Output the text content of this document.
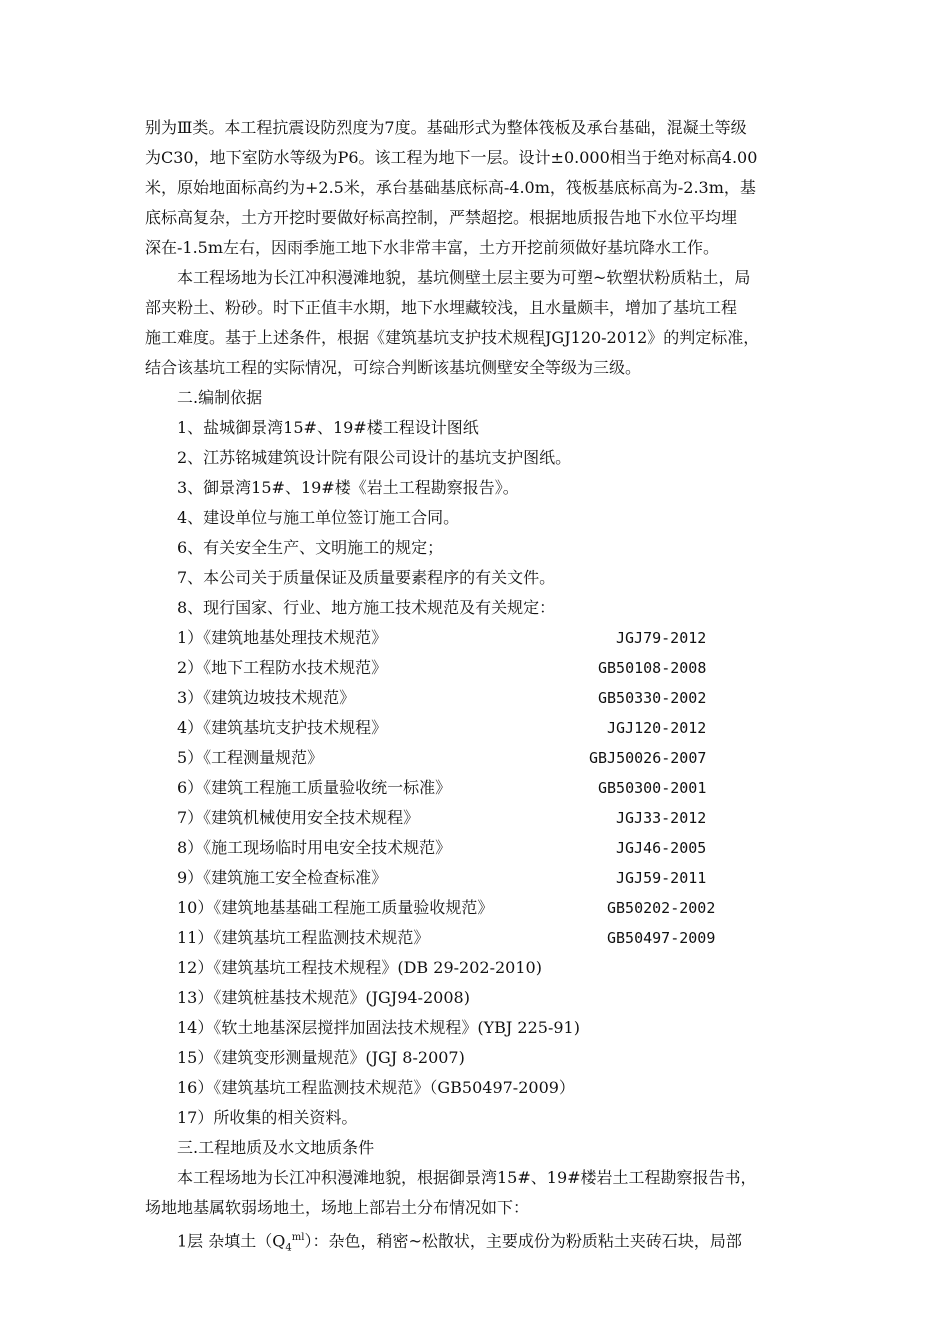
别为Ⅲ类。本工程抗震设防烈度为7度。基础形式为整体筏板及承台基础，混凝土等级
为C30，地下室防水等级为P6。该工程为地下一层。设计±0.000相当于绝对标高4.00
米，原始地面标高约为+2.5米，承台基础基底标高-4.0m，筏板基底标高为-2.3m，基
底标高复杂，土方开挖时要做好标高控制，严禁超挖。根据地质报告地下水位平均埋
深在-1.5m左右，因雨季施工地下水非常丰富，土方开挖前须做好基坑降水工作。
本工程场地为长江冲积漫滩地貌，基坑侧壁土层主要为可塑~软塑状粉质粘土，局
部夹粉土、粉砂。时下正值丰水期，地下水埋藏较浅，且水量颇丰，增加了基坑工程
施工难度。基于上述条件，根据《建筑基坑支护技术规程JGJ120-2012》的判定标准，
结合该基坑工程的实际情况，可综合判断该基坑侧壁安全等级为三级。
二.编制依据
1、盐城御景湾15#、19#楼工程设计图纸
2、江苏铭城建筑设计院有限公司设计的基坑支护图纸。
3、御景湾15#、19#楼《岩土工程勘察报告》。
4、建设单位与施工单位签订施工合同。
6、有关安全生产、文明施工的规定；
7、本公司关于质量保证及质量要素程序的有关文件。
8、现行国家、行业、地方施工技术规范及有关规定：
1）《建筑地基处理技术规范》	JGJ79-2012
2）《地下工程防水技术规范》	GB50108-2008
3）《建筑边坡技术规范》	GB50330-2002
4）《建筑基坑支护技术规程》	JGJ120-2012
5）《工程测量规范》	GBJ50026-2007
6）《建筑工程施工质量验收统一标准》	GB50300-2001
7）《建筑机械使用安全技术规程》	JGJ33-2012
8）《施工现场临时用电安全技术规范》	JGJ46-2005
9）《建筑施工安全检查标准》	JGJ59-2011
10）《建筑地基基础工程施工质量验收规范》	GB50202-2002
11）《建筑基坑工程监测技术规范》	GB50497-2009
12）《建筑基坑工程技术规程》(DB 29-202-2010)
13）《建筑桩基技术规范》(JGJ94-2008)
14）《软土地基深层搅拌加固法技术规程》(YBJ 225-91)
15）《建筑变形测量规范》(JGJ 8-2007)
16）《建筑基坑工程监测技术规范》（GB50497-2009）
17）所收集的相关资料。
三.工程地质及水文地质条件
本工程场地为长江冲积漫滩地貌，根据御景湾15#、19#楼岩土工程勘察报告书，
场地地基属软弱场地土，场地上部岩土分布情况如下：
1层 杂填土$(Q_4^{ml})$：杂色，稍密~松散状，主要成份为粉质粘土夹砖石块，局部
